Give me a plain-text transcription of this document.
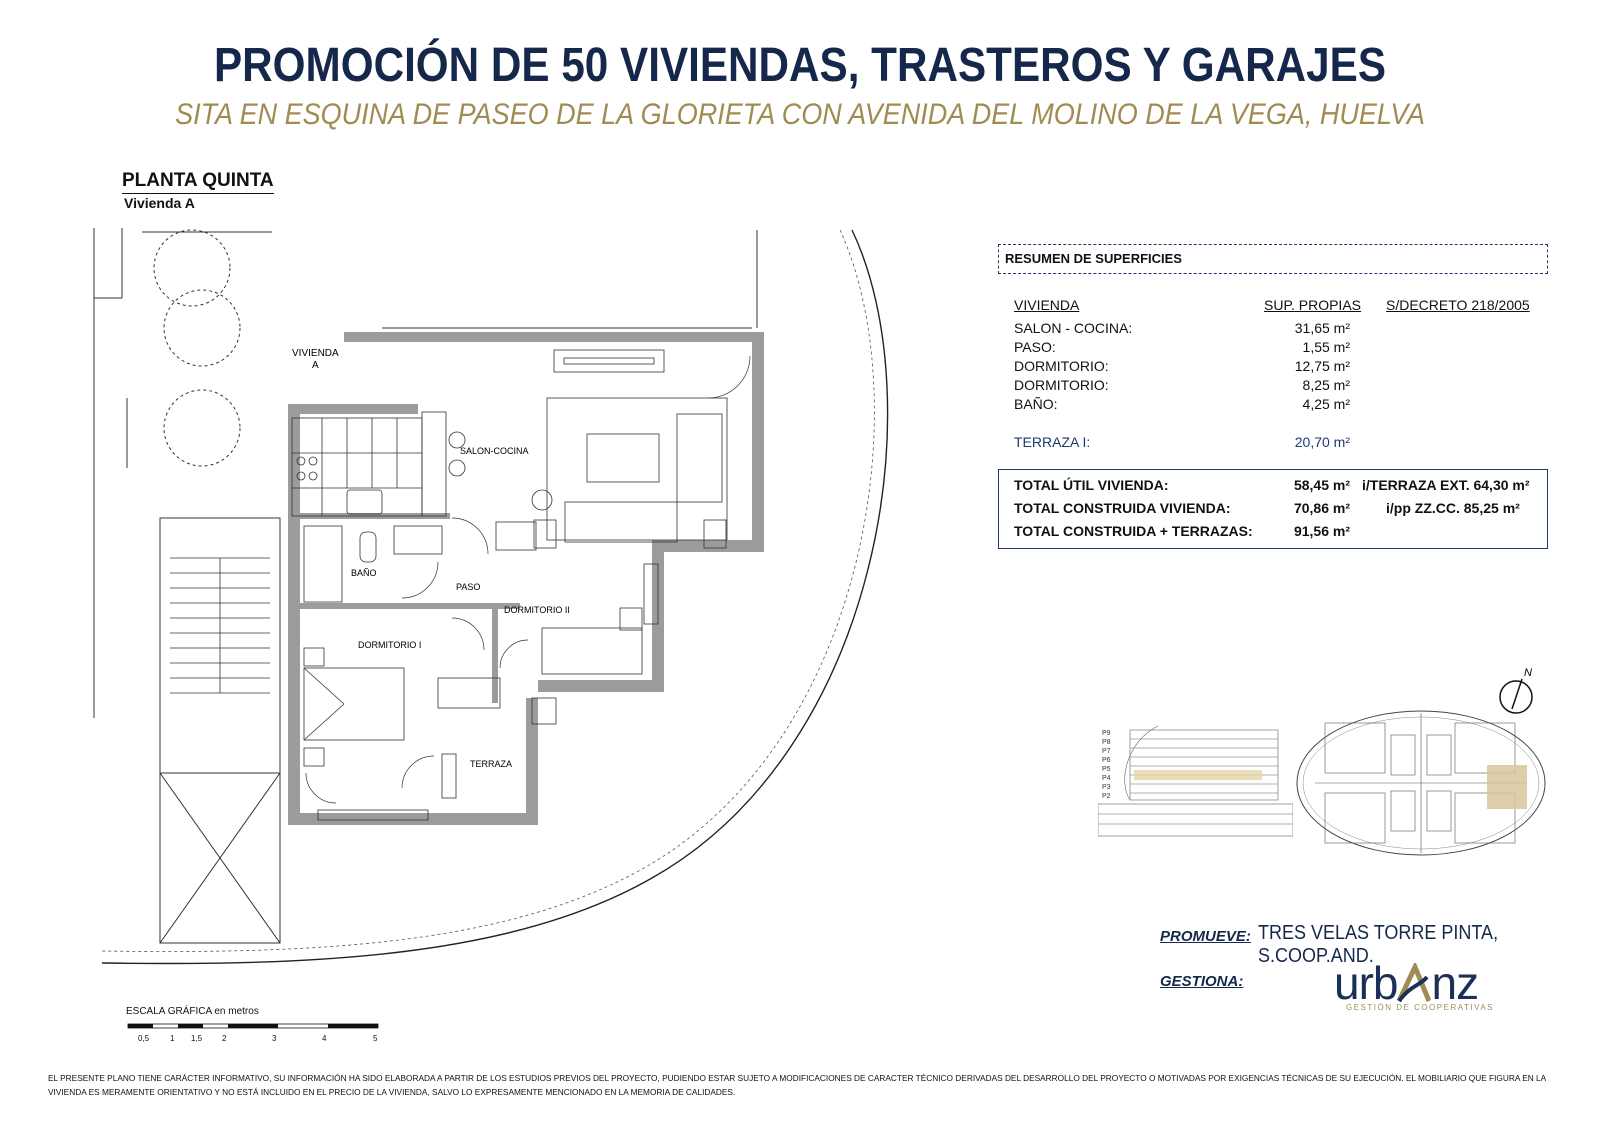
PROMOCIÓN DE 50 VIVIENDAS, TRASTEROS Y GARAJES
SITA EN ESQUINA DE PASEO DE LA GLORIETA CON AVENIDA DEL MOLINO DE LA VEGA, HUELVA
PLANTA QUINTA
Vivienda A
VIVIENDA
A
SALON-COCINA
BAÑO
PASO
DORMITORIO II
DORMITORIO I
TERRAZA
ESCALA GRÁFICA en metros
0,5	1 1,5 2	3	4	5
RESUMEN DE SUPERFICIES
VIVIENDA	SUP. PROPIAS S/DECRETO 218/2005
SALON - COCINA:	31,65 m²
PASO:	1,55 m²
DORMITORIO:	12,75 m²
DORMITORIO:	8,25 m²
BAÑO:	4,25 m²
TERRAZA I:	20,70 m²
TOTAL ÚTIL VIVIENDA:	58,45 m² i/TERRAZA EXT. 64,30 m²
TOTAL CONSTRUIDA VIVIENDA:	70,86 m²	i/pp ZZ.CC. 85,25 m²
TOTAL CONSTRUIDA + TERRAZAS:	91,56 m²
N
P9
P8
P7
P6
P5
P4
P3
P2
PROMUEVE: TRES VELAS TORRE PINTA, S.COOP.AND.
GESTIONA: urb nz
GESTIÓN DE COOPERATIVAS
EL PRESENTE PLANO TIENE CARÁCTER INFORMATIVO, SU INFORMACIÓN HA SIDO ELABORADA A PARTIR DE LOS ESTUDIOS PREVIOS DEL PROYECTO, PUDIENDO ESTAR SUJETO A MODIFICACIONES DE CARACTER TÉCNICO DERIVADAS DEL DESARROLLO DEL PROYECTO O MOTIVADAS POR EXIGENCIAS TÉCNICAS DE SU EJECUCIÓN. EL MOBILIARIO QUE FIGURA EN LA VIVIENDA ES MERAMENTE ORIENTATIVO Y NO ESTÁ INCLUIDO EN EL PRECIO DE LA VIVIENDA, SALVO LO EXPRESAMENTE MENCIONADO EN LA MEMORIA DE CALIDADES.
